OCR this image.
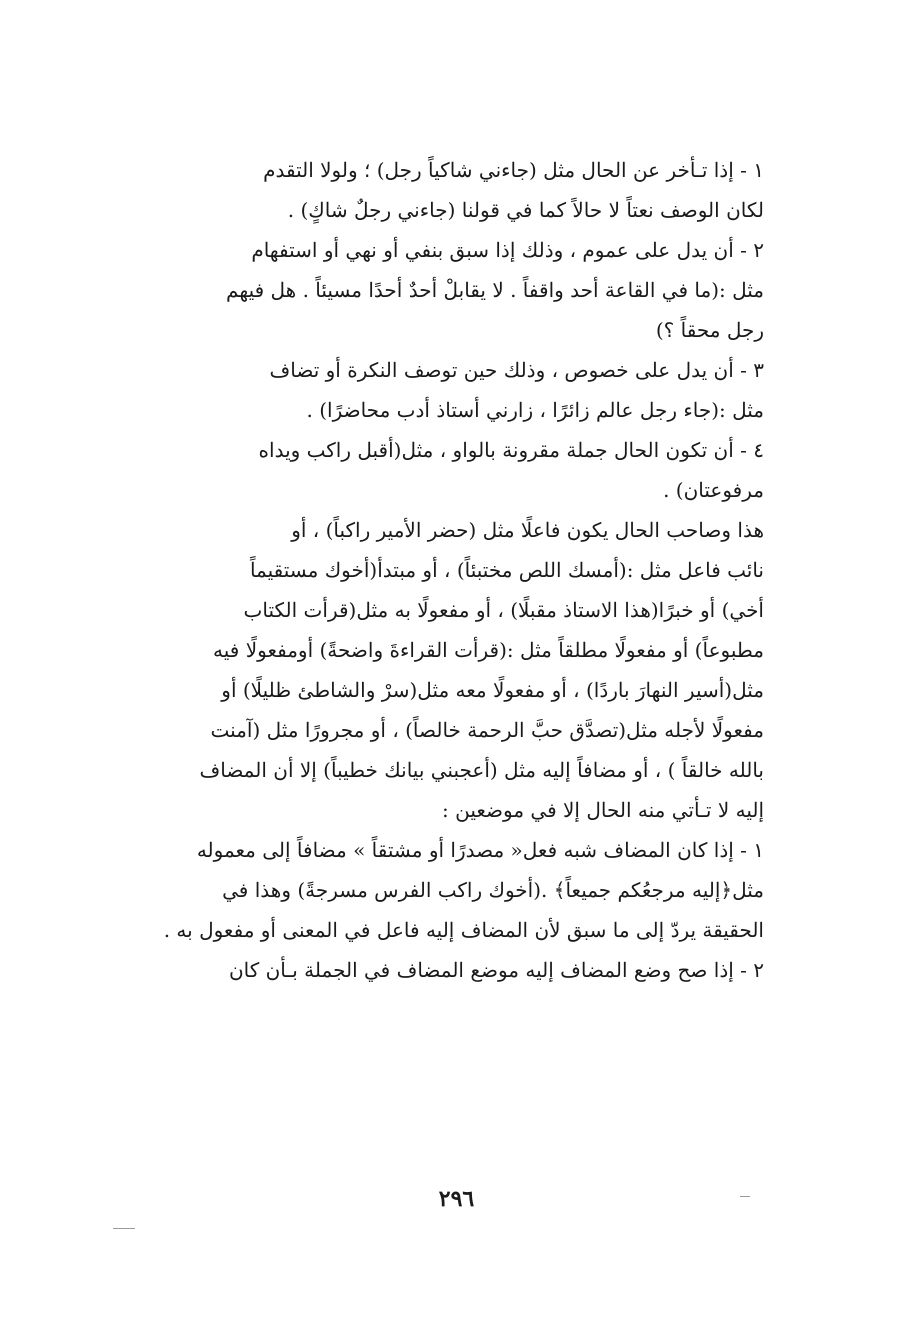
١ - إذا تـأخر عن الحال مثل (جاءني شاكياً رجل) ؛ ولولا التقدم
لكان الوصف نعتاً لا حالاً كما في قولنا (جاءني رجلٌ شاكٍ) .
٢ - أن يدل على عموم ، وذلك إذا سبق بنفي أو نهي أو استفهام
مثل :(ما في القاعة أحد واقفاً . لا يقابلْ أحدٌ أحدًا مسيئاً . هل فيهم
رجل محقاً ؟)
٣ - أن يدل على خصوص ، وذلك حين توصف النكرة أو تضاف
مثل :(جاء رجل عالم زائرًا ، زارني أستاذ أدب محاضرًا) .
٤ - أن تكون الحال جملة مقرونة بالواو ، مثل(أقبل راكب ويداه
مرفوعتان) .
هذا وصاحب الحال يكون فاعلًا مثل (حضر الأمير راكباً) ، أو
نائب فاعل مثل :(أمسك اللص مختبئاً) ، أو مبتدأ(أخوك مستقيماً
أخي) أو خبرًا(هذا الاستاذ مقبلًا) ، أو مفعولًا به مثل(قرأت الكتاب
مطبوعاً) أو مفعولًا مطلقاً مثل :(قرأت القراءةَ واضحةً) أومفعولًا فيه
مثل(أسير النهارَ باردًا) ، أو مفعولًا معه مثل(سرْ والشاطئ ظليلًا) أو
مفعولًا لأجله مثل(تصدَّق حبَّ الرحمة خالصاً) ، أو مجرورًا مثل (آمنت
بالله خالقاً ) ، أو مضافاً إليه مثل (أعجبني بيانك خطيباً) إلا أن المضاف
إليه لا تـأتي منه الحال إلا في موضعين :
١ - إذا كان المضاف شبه فعل« مصدرًا أو مشتقاً » مضافاً إلى معموله
مثل﴿إليه مرجعُكم جميعاً﴾ .(أخوك راكب الفرس مسرجةً) وهذا في
الحقيقة يردّ إلى ما سبق لأن المضاف إليه فاعل في المعنى أو مفعول به .
٢ - إذا صح وضع المضاف إليه موضع المضاف في الجملة بـأن كان
٢٩٦
